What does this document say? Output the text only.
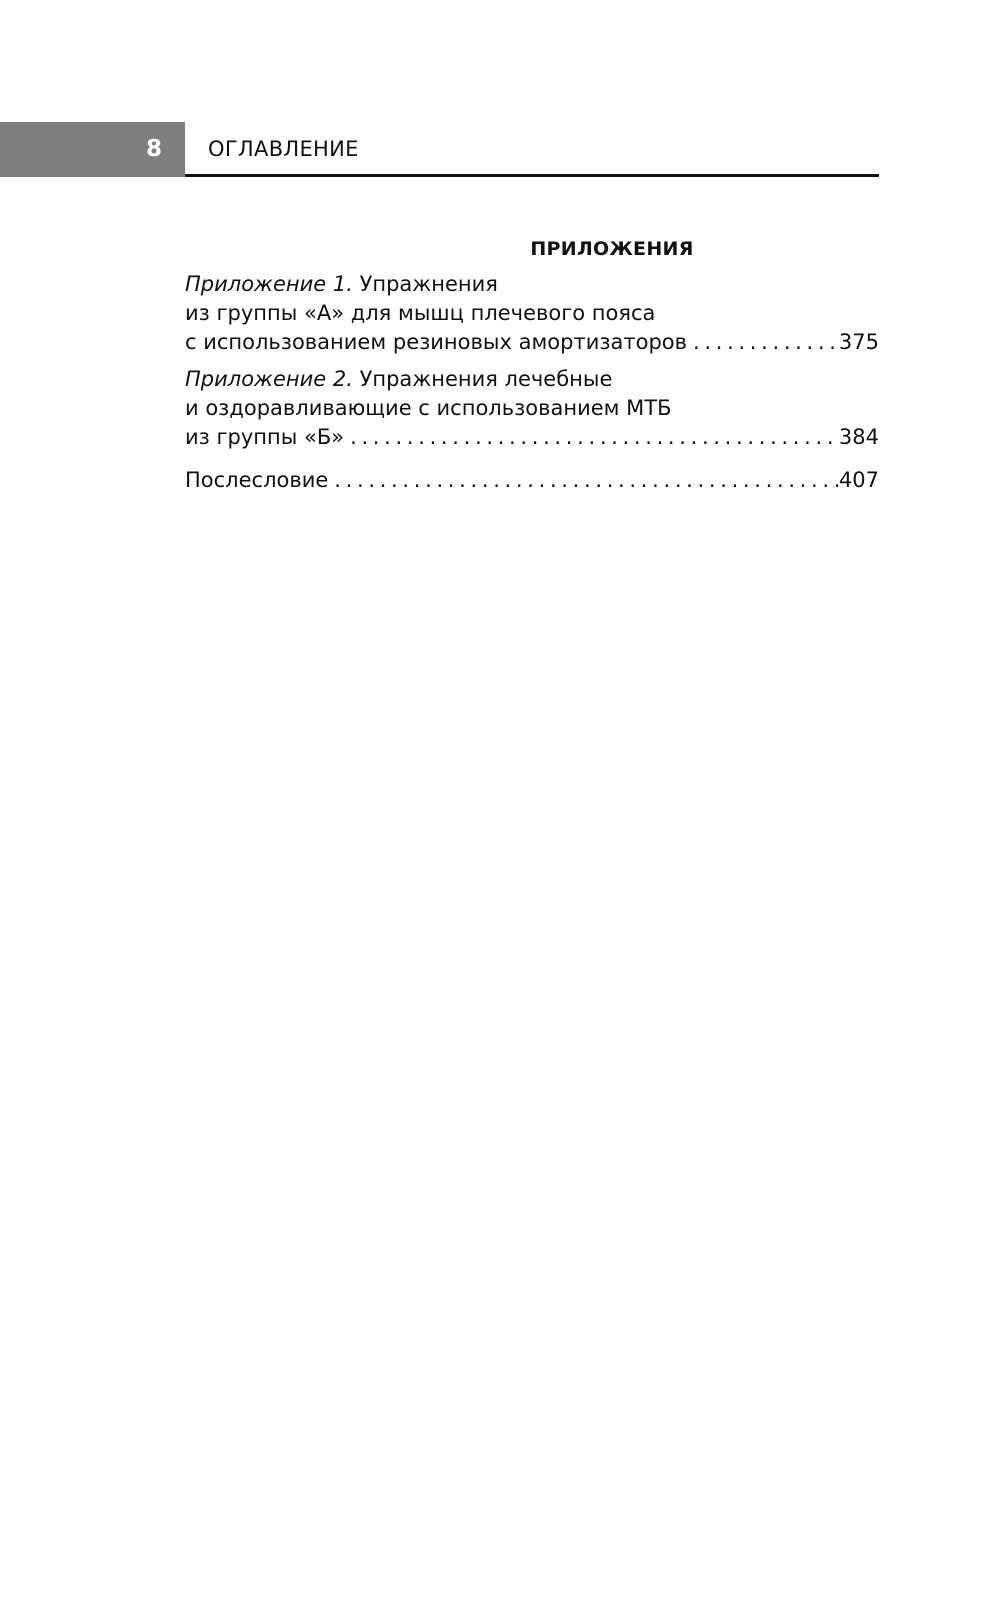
8	ОГЛАВЛЕНИЕ
ПРИЛОЖЕНИЯ
Приложение 1. Упражнения
из группы «А» для мышц плечевого пояса
с использованием резиновых амортизаторов . . .	375
Приложение 2. Упражнения лечебные
и оздоравливающие с использованием МТБ
из группы «Б» . . .	384
Послесловие . . .	407
